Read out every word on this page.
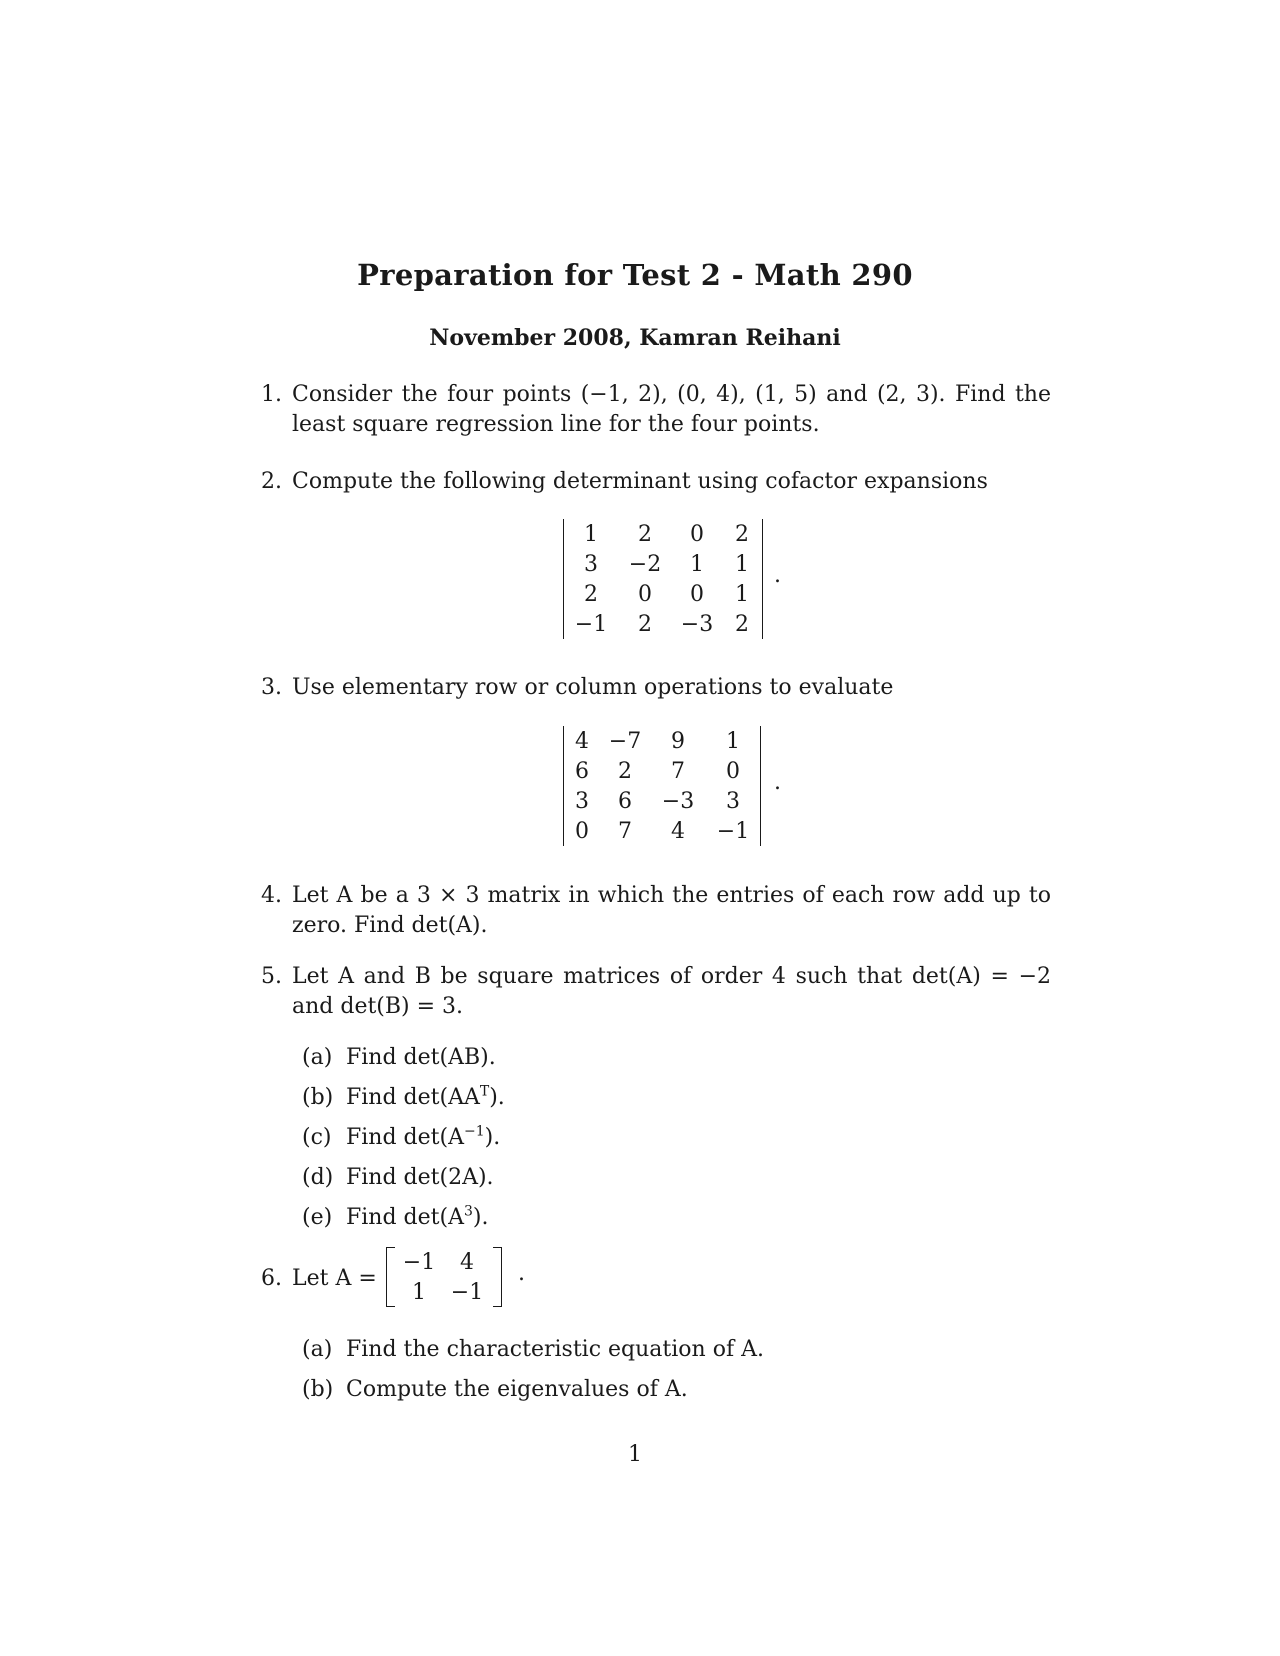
Preparation for Test 2 - Math 290
November 2008, Kamran Reihani
1. Consider the four points (−1, 2), (0, 4), (1, 5) and (2, 3). Find the least square regression line for the four points.
2. Compute the following determinant using cofactor expansions
1	2	0	2
3	−2	1	1
2	0	0	1
−1	2	−3	2
.
3. Use elementary row or column operations to evaluate
4	−7	9	1
6	2	7	0
3	6	−3	3
0	7	4	−1
.
4. Let A be a 3 × 3 matrix in which the entries of each row add up to zero. Find det(A).
5. Let A and B be square matrices of order 4 such that det(A) = −2 and det(B) = 3.
(a) Find det(AB).
(b) Find $\det(AA^T)$.
(c) Find $\det(A^{-1})$.
(d) Find det(2A).
(e) Find $\det(A^3)$.
6. Let A =
−1	4
1	−1
.
(a) Find the characteristic equation of A.
(b) Compute the eigenvalues of A.
1
